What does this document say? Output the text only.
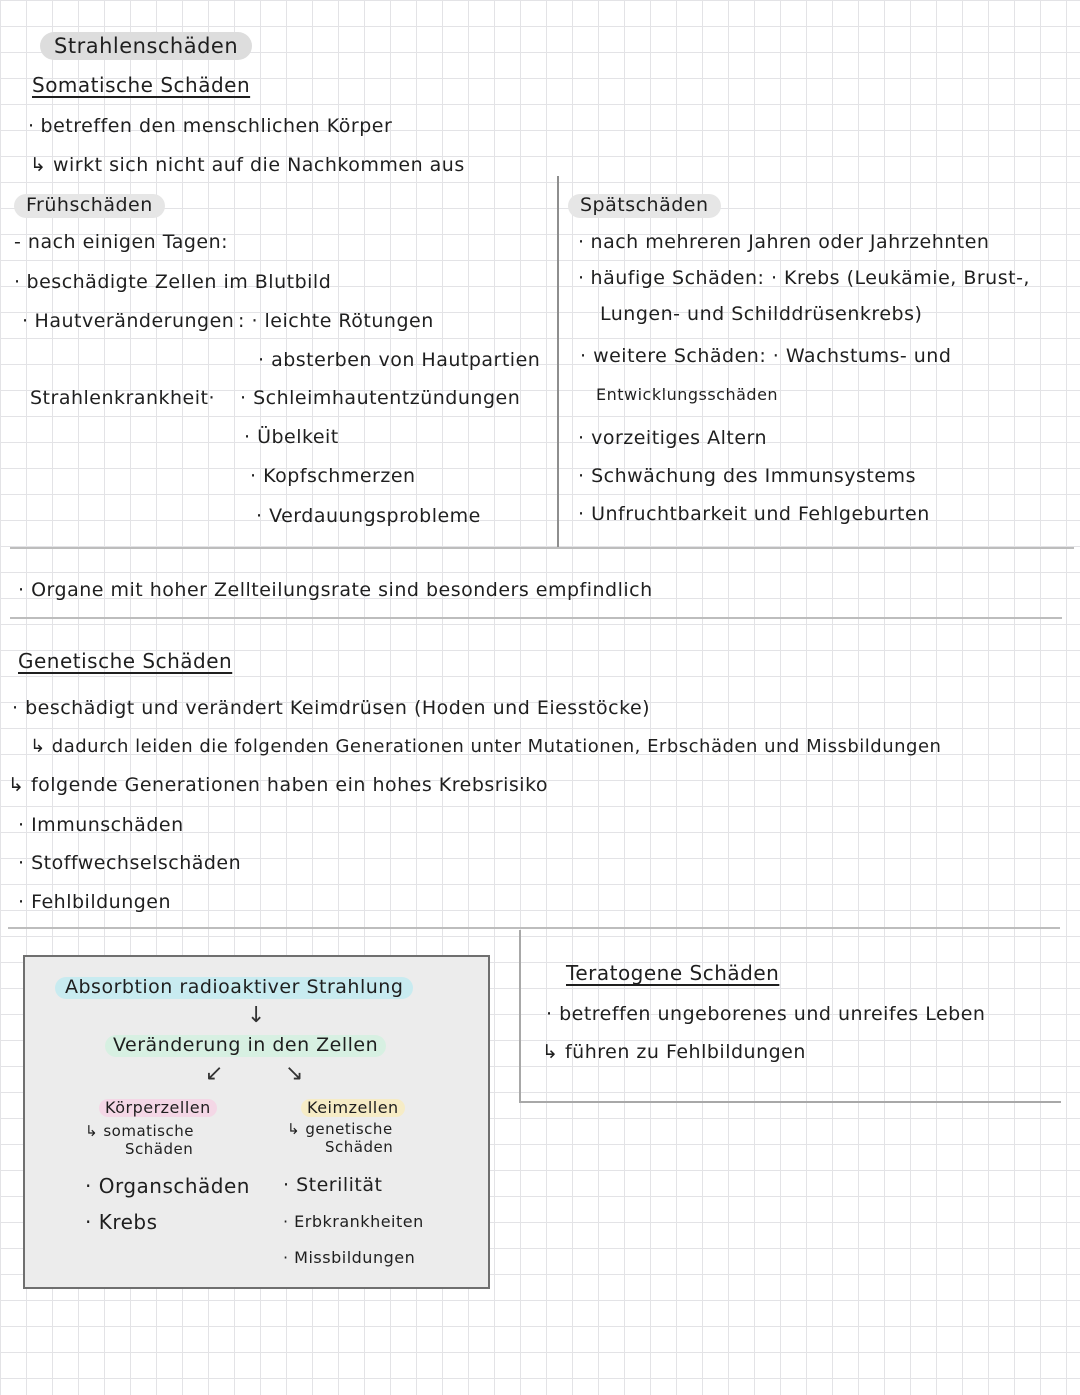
Strahlenschäden
Somatische Schäden
· betreffen den menschlichen Körper
↳ wirkt sich nicht auf die Nachkommen aus
Frühschäden
- nach einigen Tagen:
· beschädigte Zellen im Blutbild
· Hautveränderungen : · leichte Rötungen
· absterben von Hautpartien
Strahlenkrankheit· · Schleimhautentzündungen
· Übelkeit
· Kopfschmerzen
· Verdauungsprobleme
Spätschäden
· nach mehreren Jahren oder Jahrzehnten
· häufige Schäden: · Krebs (Leukämie, Brust-,
Lungen- und Schilddrüsenkrebs)
· weitere Schäden: · Wachstums- und
Entwicklungsschäden
· vorzeitiges Altern
· Schwächung des Immunsystems
· Unfruchtbarkeit und Fehlgeburten
· Organe mit hoher Zellteilungsrate sind besonders empfindlich
Genetische Schäden
· beschädigt und verändert Keimdrüsen (Hoden und Eiesstöcke)
↳ dadurch leiden die folgenden Generationen unter Mutationen, Erbschäden und Missbildungen
↳ folgende Generationen haben ein hohes Krebsrisiko
· Immunschäden
· Stoffwechselschäden
· Fehlbildungen
Absorbtion radioaktiver Strahlung
↓
Veränderung in den Zellen
↙	↘
Körperzellen
↳ somatische
Schäden
Keimzellen
↳ genetische
Schäden
· Organschäden
· Krebs
· Sterilität
· Erbkrankheiten
· Missbildungen
Teratogene Schäden
· betreffen ungeborenes und unreifes Leben
↳ führen zu Fehlbildungen
